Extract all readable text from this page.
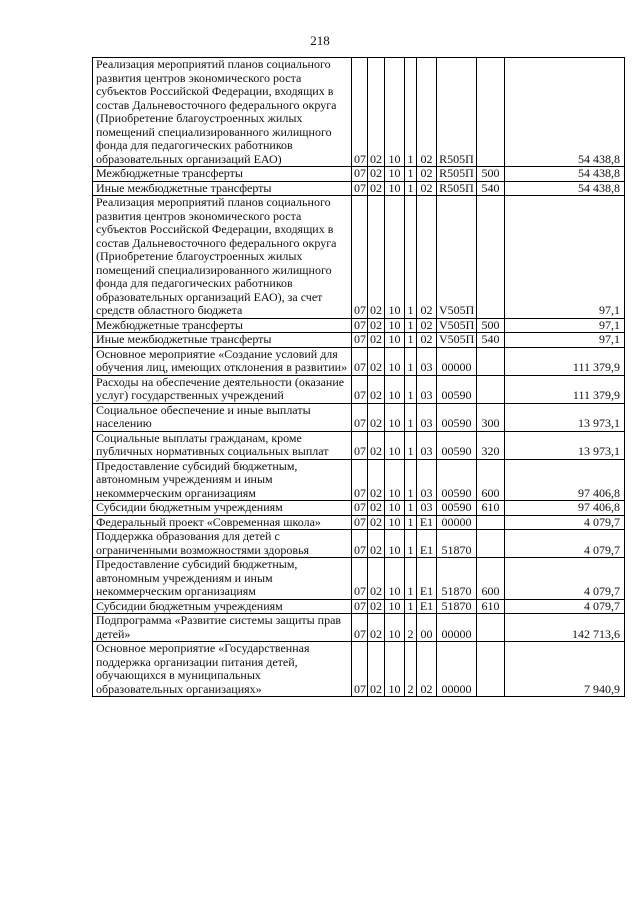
218
Реализация мероприятий планов социального развития центров экономического роста субъектов Российской Федерации, входящих в состав Дальневосточного федерального округа (Приобретение благоустроенных жилых помещений специализированного жилищного фонда для педагогических работников образовательных организаций ЕАО)	07	02	10	1	02	R505П		54 438,8
Межбюджетные трансферты	07	02	10	1	02	R505П	500	54 438,8
Иные межбюджетные трансферты	07	02	10	1	02	R505П	540	54 438,8
Реализация мероприятий планов социального развития центров экономического роста субъектов Российской Федерации, входящих в состав Дальневосточного федерального округа (Приобретение благоустроенных жилых помещений специализированного жилищного фонда для педагогических работников образовательных организаций ЕАО), за счет средств областного бюджета	07	02	10	1	02	V505П		97,1
Межбюджетные трансферты	07	02	10	1	02	V505П	500	97,1
Иные межбюджетные трансферты	07	02	10	1	02	V505П	540	97,1
Основное мероприятие «Создание условий для обучения лиц, имеющих отклонения в развитии»	07	02	10	1	03	00000		111 379,9
Расходы на обеспечение деятельности (оказание услуг) государственных учреждений	07	02	10	1	03	00590		111 379,9
Социальное обеспечение и иные выплаты населению	07	02	10	1	03	00590	300	13 973,1
Социальные выплаты гражданам, кроме публичных нормативных социальных выплат	07	02	10	1	03	00590	320	13 973,1
Предоставление субсидий бюджетным, автономным учреждениям и иным некоммерческим организациям	07	02	10	1	03	00590	600	97 406,8
Субсидии бюджетным учреждениям	07	02	10	1	03	00590	610	97 406,8
Федеральный проект «Современная школа»	07	02	10	1	E1	00000		4 079,7
Поддержка образования для детей с ограниченными возможностями здоровья	07	02	10	1	E1	51870		4 079,7
Предоставление субсидий бюджетным, автономным учреждениям и иным некоммерческим организациям	07	02	10	1	E1	51870	600	4 079,7
Субсидии бюджетным учреждениям	07	02	10	1	E1	51870	610	4 079,7
Подпрограмма «Развитие системы защиты прав детей»	07	02	10	2	00	00000		142 713,6
Основное мероприятие «Государственная поддержка организации питания детей, обучающихся в муниципальных образовательных организациях»	07	02	10	2	02	00000		7 940,9
